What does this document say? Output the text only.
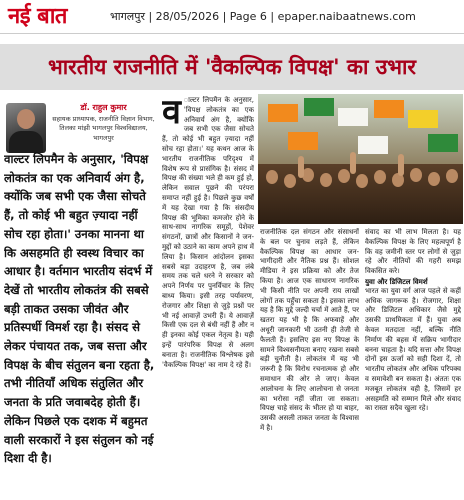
नई बात	भागलपुर | 28/05/2026 | Page 6 | epaper.naibaatnews.com
भारतीय राजनीति में 'वैकल्पिक विपक्ष' का उभार
डॉ. राहुल कुमार
सहायक प्राध्यापक, राजनीति विज्ञान विभाग, तिलका मांझी भागलपुर विश्वविद्यालय, भागलपुर
वाल्टर लिपमैन के अनुसार, 'विपक्ष लोकतंत्र का एक अनिवार्य अंग है, क्योंकि जब सभी एक जैसा सोचते हैं, तो कोई भी बहुत ज़्यादा नहीं सोच रहा होता।' उनका मानना था कि असहमति ही स्वस्थ विचार का आधार है। वर्तमान भारतीय संदर्भ में देखें तो भारतीय लोकतंत्र की सबसे बड़ी ताकत उसका जीवंत और प्रतिस्पर्धी विमर्श रहा है। संसद से लेकर पंचायत तक, जब सत्ता और विपक्ष के बीच संतुलन बना रहता है, तभी नीतियाँ अधिक संतुलित और जनता के प्रति जवाबदेह होती हैं। लेकिन पिछले एक दशक में बहुमत वाली सरकारों ने इस संतुलन को नई दिशा दी है।
व ाल्टर लिपमैन के अनुसार, 'विपक्ष लोकतंत्र का एक अनिवार्य अंग है, क्योंकि जब सभी एक जैसा सोचते हैं, तो कोई भी बहुत ज़्यादा नहीं सोच रहा होता।' यह कथन आज के भारतीय राजनीतिक परिदृश्य में विशेष रूप से प्रासंगिक है। संसद में विपक्ष की संख्या भले ही कम हुई हो, लेकिन सवाल पूछने की परंपरा समाप्त नहीं हुई है। पिछले कुछ वर्षों में यह देखा गया है कि संसदीय विपक्ष की भूमिका कमजोर होने के साथ-साथ नागरिक समूहों, पेशेवर संगठनों, छात्रों और किसानों ने जन-मुद्दों को उठाने का काम अपने हाथ में लिया है। किसान आंदोलन इसका सबसे बड़ा उदाहरण है, जब लंबे समय तक चले धरने ने सरकार को अपने निर्णय पर पुनर्विचार के लिए बाध्य किया। इसी तरह पर्यावरण, रोजगार और शिक्षा से जुड़े प्रश्नों पर भी नई आवाज़ें उभरी हैं। ये आवाज़ें किसी एक दल से बंधी नहीं हैं और न ही इनका कोई एकल नेतृत्व है। यही इन्हें पारंपरिक विपक्ष से अलग बनाता है। राजनीतिक विश्लेषक इसे 'वैकल्पिक विपक्ष' का नाम दे रहे हैं।
राजनीतिक दल संगठन और संसाधनों के बल पर चुनाव लड़ते हैं, लेकिन वैकल्पिक विपक्ष का आधार जन-भागीदारी और नैतिक प्रश्न हैं। सोशल मीडिया ने इस प्रक्रिया को और तेज किया है। आज एक साधारण नागरिक भी किसी नीति पर अपनी राय लाखों लोगों तक पहुँचा सकता है। इसका लाभ यह है कि मुद्दे जल्दी चर्चा में आते हैं, पर खतरा यह भी है कि अफवाहें और अधूरी जानकारी भी उतनी ही तेजी से फैलती हैं। इसलिए इस नए विपक्ष के सामने विश्वसनीयता बनाए रखना सबसे बड़ी चुनौती है। लोकतंत्र में यह भी जरूरी है कि विरोध रचनात्मक हो और समाधान की ओर ले जाए। केवल आलोचना के लिए आलोचना से जनता का भरोसा नहीं जीता जा सकता। विपक्ष चाहे संसद के भीतर हो या बाहर, उसकी असली ताकत जनता के विश्वास में है।
संवाद का भी लाभ मिलता है। यह वैकल्पिक विपक्ष के लिए महत्वपूर्ण है कि वह जमीनी स्तर पर लोगों से जुड़ा रहे और नीतियों की गहरी समझ विकसित करे।
युवा और डिजिटल विमर्श
भारत का युवा वर्ग आज पहले से कहीं अधिक जागरूक है। रोजगार, शिक्षा और डिजिटल अधिकार जैसे मुद्दे उसकी प्राथमिकता में हैं। युवा अब केवल मतदाता नहीं, बल्कि नीति निर्माण की बहस में सक्रिय भागीदार बनना चाहता है। यदि सत्ता और विपक्ष दोनों इस ऊर्जा को सही दिशा दें, तो भारतीय लोकतंत्र और अधिक परिपक्व व समावेशी बन सकता है। अंततः एक मजबूत लोकतंत्र वही है, जिसमें हर असहमति को सम्मान मिले और संवाद का रास्ता सदैव खुला रहे।
